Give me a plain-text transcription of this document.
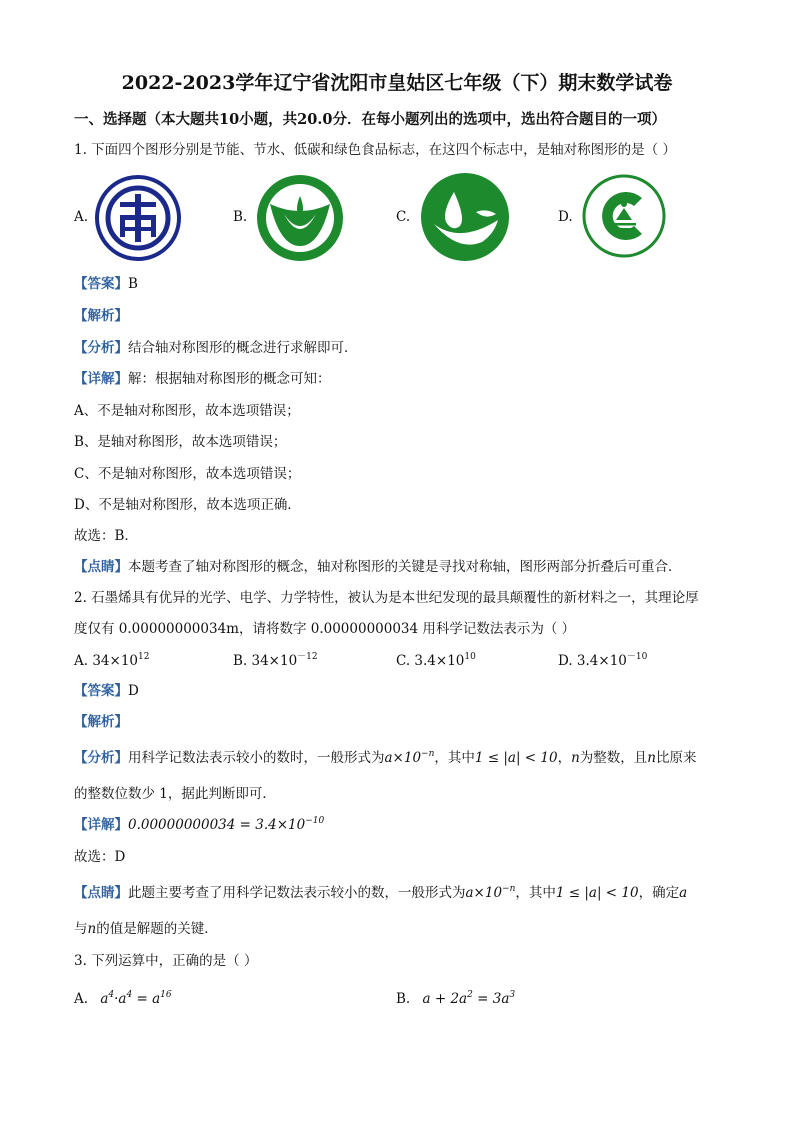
2022-2023学年辽宁省沈阳市皇姑区七年级（下）期末数学试卷
一、选择题（本大题共10小题，共20.0分．在每小题列出的选项中，选出符合题目的一项）
1. 下面四个图形分别是节能、节水、低碳和绿色食品标志，在这四个标志中，是轴对称图形的是（ ）
A.	B.	C.	D.
【答案】B
【解析】
【分析】结合轴对称图形的概念进行求解即可．
【详解】解：根据轴对称图形的概念可知：
A、不是轴对称图形，故本选项错误；
B、是轴对称图形，故本选项错误；
C、不是轴对称图形，故本选项错误；
D、不是轴对称图形，故本选项正确．
故选：B．
【点睛】本题考查了轴对称图形的概念，轴对称图形的关键是寻找对称轴，图形两部分折叠后可重合．
2. 石墨烯具有优异的光学、电学、力学特性，被认为是本世纪发现的最具颠覆性的新材料之一，其理论厚
度仅有 0.00000000034m，请将数字 0.00000000034 用科学记数法表示为（ ）
A. $34\times 10^{12}$	B. $34\times 10^{-12}$	C. $3.4\times 10^{10}$	D. $3.4\times 10^{-10}$
【答案】D
【解析】
【分析】用科学记数法表示较小的数时，一般形式为$a\times 10^{-n}$，其中1 ≤ |a| < 10，n为整数，且n比原来
的整数位数少 1，据此判断即可．
【详解】$0.00000000034 = 3.4\times 10^{-10}$
故选：D
【点睛】此题主要考查了用科学记数法表示较小的数，一般形式为$a\times 10^{-n}$，其中1 ≤ |a| < 10，确定a
与n的值是解题的关键．
3. 下列运算中，正确的是（ ）
A. $a^4\cdot a^4 = a^{16}$	B. $a + 2a^2 = 3a^3$
